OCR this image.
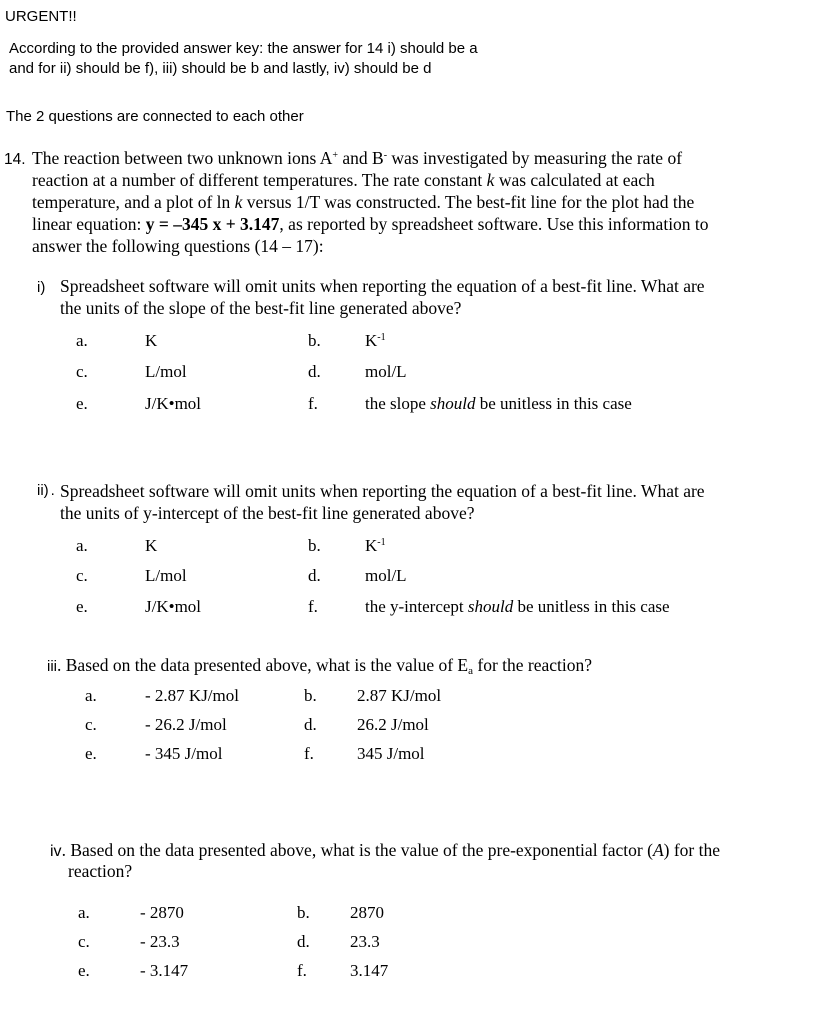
URGENT!!
According to the provided answer key: the answer for 14 i) should be a
and for ii) should be f), iii) should be b and lastly, iv) should be d
The 2 questions are connected to each other
14. The reaction between two unknown ions A+ and B- was investigated by measuring the rate of
reaction at a number of different temperatures. The rate constant k was calculated at each
temperature, and a plot of ln k versus 1/T was constructed. The best-fit line for the plot had the
linear equation: y = –345 x + 3.147, as reported by spreadsheet software. Use this information to
answer the following questions (14 – 17):
i) Spreadsheet software will omit units when reporting the equation of a best-fit line. What are
the units of the slope of the best-fit line generated above?
a.	K	b.	$K^{-1}$
c.	L/mol	d.	mol/L
e.	J/K•mol	f.	the slope should be unitless in this case
ii) . Spreadsheet software will omit units when reporting the equation of a best-fit line. What are
the units of y-intercept of the best-fit line generated above?
a.	K	b.	$K^{-1}$
c.	L/mol	d.	mol/L
e.	J/K•mol	f.	the y-intercept should be unitless in this case
iii. Based on the data presented above, what is the value of $E_a$ for the reaction?
a.	- 2.87 KJ/mol	b. 2.87 KJ/mol
c.	- 26.2 J/mol	d. 26.2 J/mol
e.	- 345 J/mol	f.	345 J/mol
iv. Based on the data presented above, what is the value of the pre-exponential factor (A) for the
reaction?
a.	- 2870	b. 2870
c.	- 23.3	d. 23.3
e.	- 3.147	f.	3.147
